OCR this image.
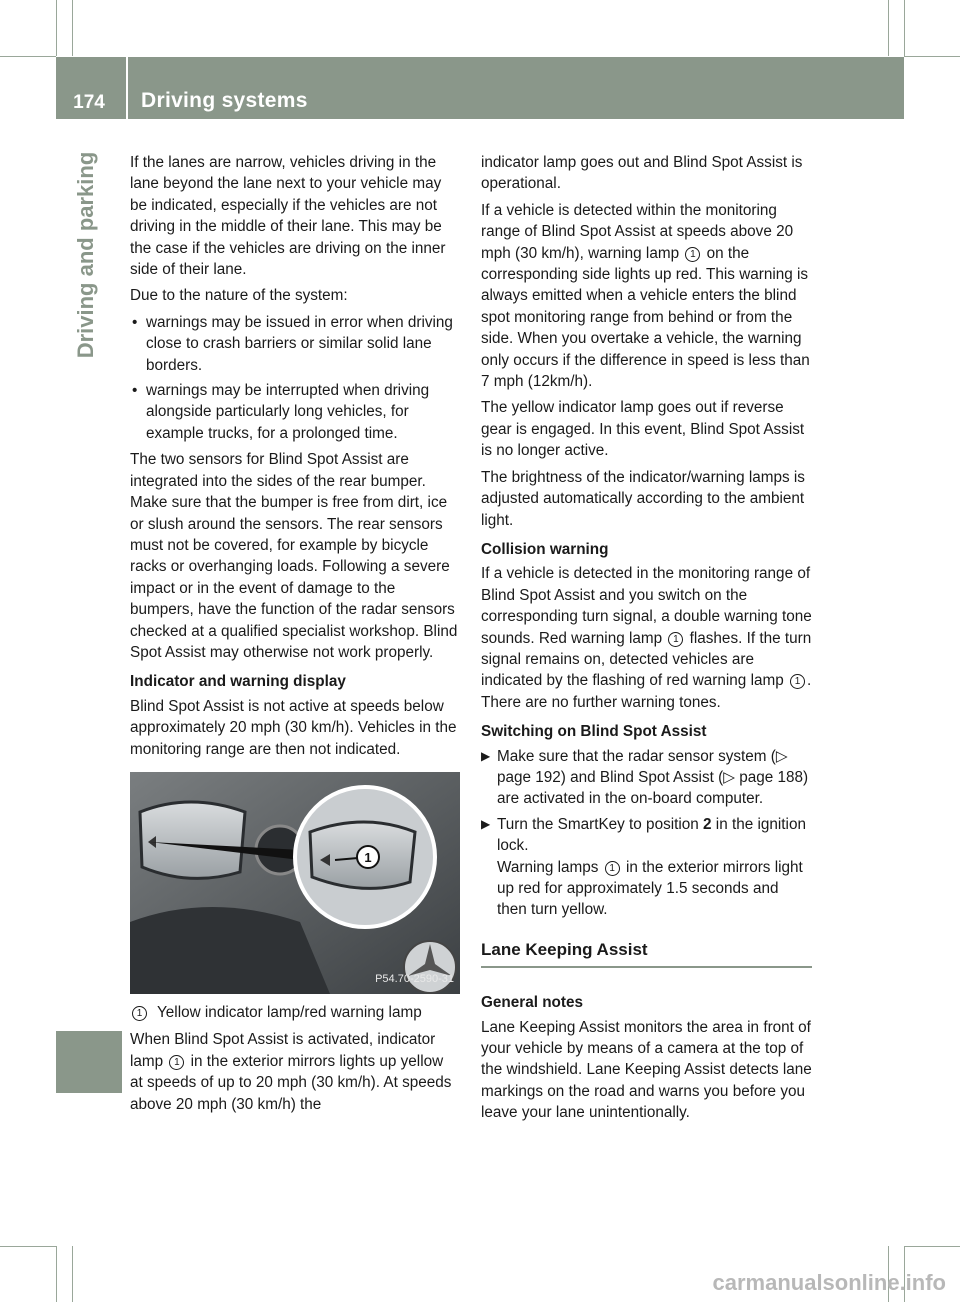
174	Driving systems
Driving and parking If the lanes are narrow, vehicles driving in the lane beyond the lane next to your vehicle may be indicated, especially if the vehicles are not driving in the middle of their lane. This may be the case if the vehicles are driving on the inner side of their lane.

Due to the nature of the system:

• warnings may be issued in error when driving close to crash barriers or similar solid lane borders.
• warnings may be interrupted when driving alongside particularly long vehicles, for example trucks, for a prolonged time.

The two sensors for Blind Spot Assist are integrated into the sides of the rear bumper. Make sure that the bumper is free from dirt, ice or slush around the sensors. The rear sensors must not be covered, for example by bicycle racks or overhanging loads. Following a severe impact or in the event of damage to the bumpers, have the function of the radar sensors checked at a qualified specialist workshop. Blind Spot Assist may otherwise not work properly.

Indicator and warning display

Blind Spot Assist is not active at speeds below approximately 20 mph (30 km/h). Vehicles in the monitoring range are then not indicated.

1
P54.70-2590-31
1 Yellow indicator lamp/red warning lamp

When Blind Spot Assist is activated, indicator lamp 1 in the exterior mirrors lights up yellow at speeds of up to 20 mph (30 km/h). At speeds above 20 mph (30 km/h) the

indicator lamp goes out and Blind Spot Assist is operational.

If a vehicle is detected within the monitoring range of Blind Spot Assist at speeds above 20 mph (30 km/h), warning lamp 1 on the corresponding side lights up red. This warning is always emitted when a vehicle enters the blind spot monitoring range from behind or from the side. When you overtake a vehicle, the warning only occurs if the difference in speed is less than 7 mph (12km/h).

The yellow indicator lamp goes out if reverse gear is engaged. In this event, Blind Spot Assist is no longer active.

The brightness of the indicator/warning lamps is adjusted automatically according to the ambient light.

Collision warning

If a vehicle is detected in the monitoring range of Blind Spot Assist and you switch on the corresponding turn signal, a double warning tone sounds. Red warning lamp 1 flashes. If the turn signal remains on, detected vehicles are indicated by the flashing of red warning lamp 1 . There are no further warning tones.

Switching on Blind Spot Assist
▶ Make sure that the radar sensor system (▷ page 192) and Blind Spot Assist (▷ page 188) are activated in the on-board computer.
▶ Turn the SmartKey to position 2 in the ignition lock.
Warning lamps 1 in the exterior mirrors light up red for approximately 1.5 seconds and then turn yellow.
Lane Keeping Assist
General notes

Lane Keeping Assist monitors the area in front of your vehicle by means of a camera at the top of the windshield. Lane Keeping Assist detects lane markings on the road and warns you before you leave your lane unintentionally.

carmanualsonline.info
